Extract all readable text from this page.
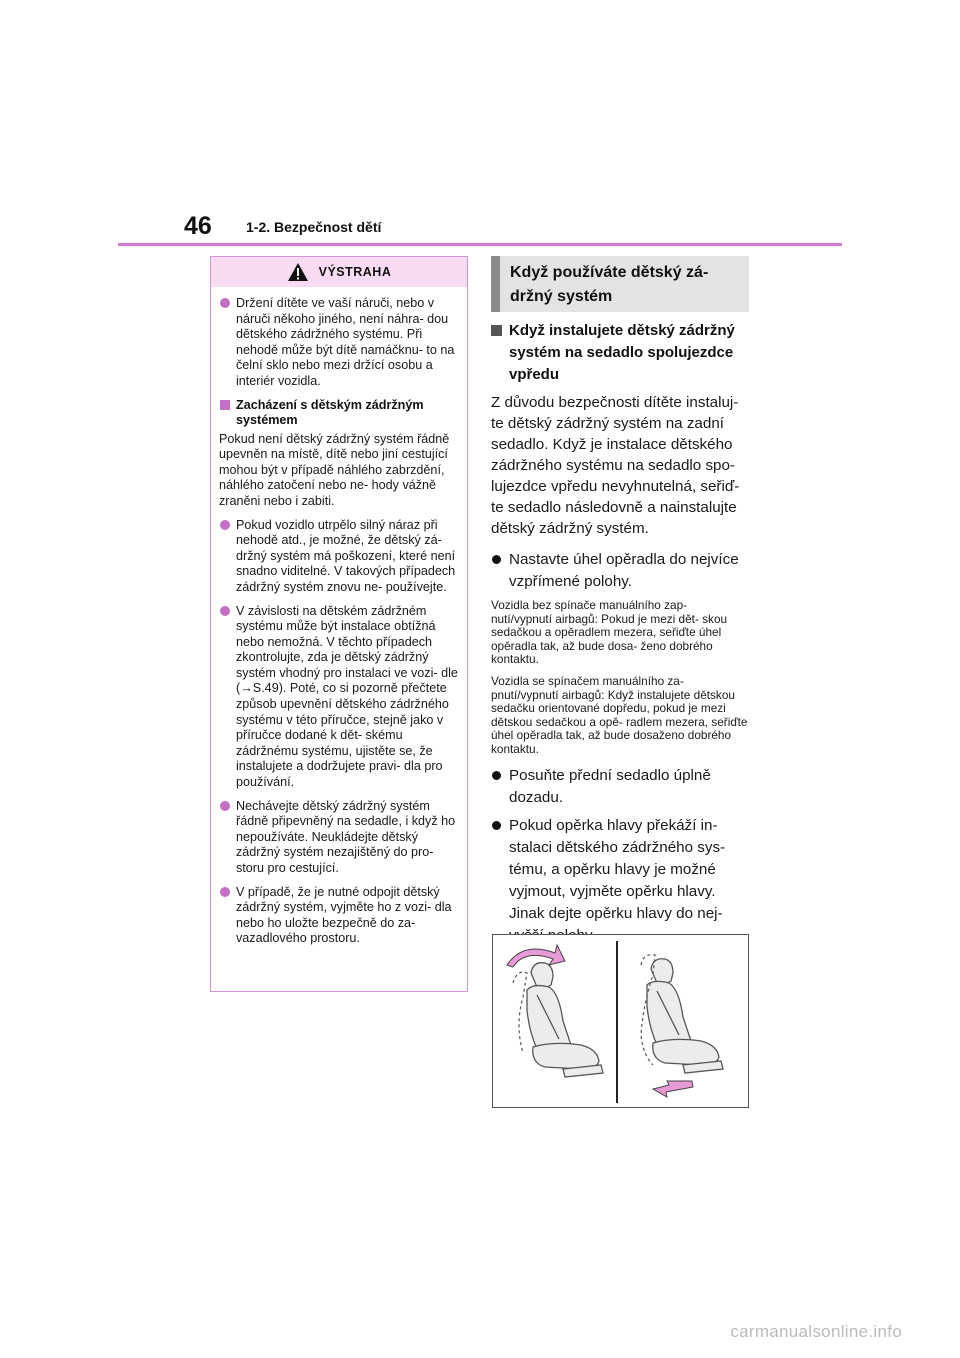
46 1-2. Bezpečnost dětí
VÝSTRAHA
Držení dítěte ve vaší náruči, nebo v náruči někoho jiného, není náhra- dou dětského zádržného systému. Při nehodě může být dítě namáčknu- to na čelní sklo nebo mezi držící osobu a interiér vozidla.
Zacházení s dětským zádržným systémem
Pokud není dětský zádržný systém řádně upevněn na místě, dítě nebo jiní cestující mohou být v případě náhlého zabrzdění, náhlého zatočení nebo ne- hody vážně zraněni nebo i zabiti.
Pokud vozidlo utrpělo silný náraz při nehodě atd., je možné, že dětský zá- držný systém má poškození, které není snadno viditelné. V takových případech zádržný systém znovu ne- používejte.
V závislosti na dětském zádržném systému může být instalace obtížná nebo nemožná. V těchto případech zkontrolujte, zda je dětský zádržný systém vhodný pro instalaci ve vozi- dle (→S.49). Poté, co si pozorně přečtete způsob upevnění dětského zádržného systému v této příručce, stejně jako v příručce dodané k dět- skému zádržnému systému, ujistěte se, že instalujete a dodržujete pravi- dla pro používání.
Nechávejte dětský zádržný systém řádně připevněný na sedadle, i když ho nepoužíváte. Neukládejte dětský zádržný systém nezajištěný do pro- storu pro cestující.
V případě, že je nutné odpojit dětský zádržný systém, vyjměte ho z vozi- dla nebo ho uložte bezpečně do za- vazadlového prostoru.
Když používáte dětský zá- držný systém
Když instalujete dětský zádržný systém na sedadlo spolujezdce vpředu
Z důvodu bezpečnosti dítěte instaluj- te dětský zádržný systém na zadní sedadlo. Když je instalace dětského zádržného systému na sedadlo spo- lujezdce vpředu nevyhnutelná, seřiď- te sedadlo následovně a nainstalujte dětský zádržný systém.
Nastavte úhel opěradla do nejvíce vzpřímené polohy.
Vozidla bez spínače manuálního zap- nutí/vypnutí airbagů: Pokud je mezi dět- skou sedačkou a opěradlem mezera, seřiďte úhel opěradla tak, až bude dosa- ženo dobrého kontaktu.
Vozidla se spínačem manuálního za- pnutí/vypnutí airbagů: Když instalujete dětskou sedačku orientované dopředu, pokud je mezi dětskou sedačkou a opě- radlem mezera, seřiďte úhel opěradla tak, až bude dosaženo dobrého kontaktu.
Posuňte přední sedadlo úplně dozadu.
Pokud opěrka hlavy překáží in- stalaci dětského zádržného sys- tému, a opěrku hlavy je možné vyjmout, vyjměte opěrku hlavy. Jinak dejte opěrku hlavy do nej-
carmanualsonline.info
